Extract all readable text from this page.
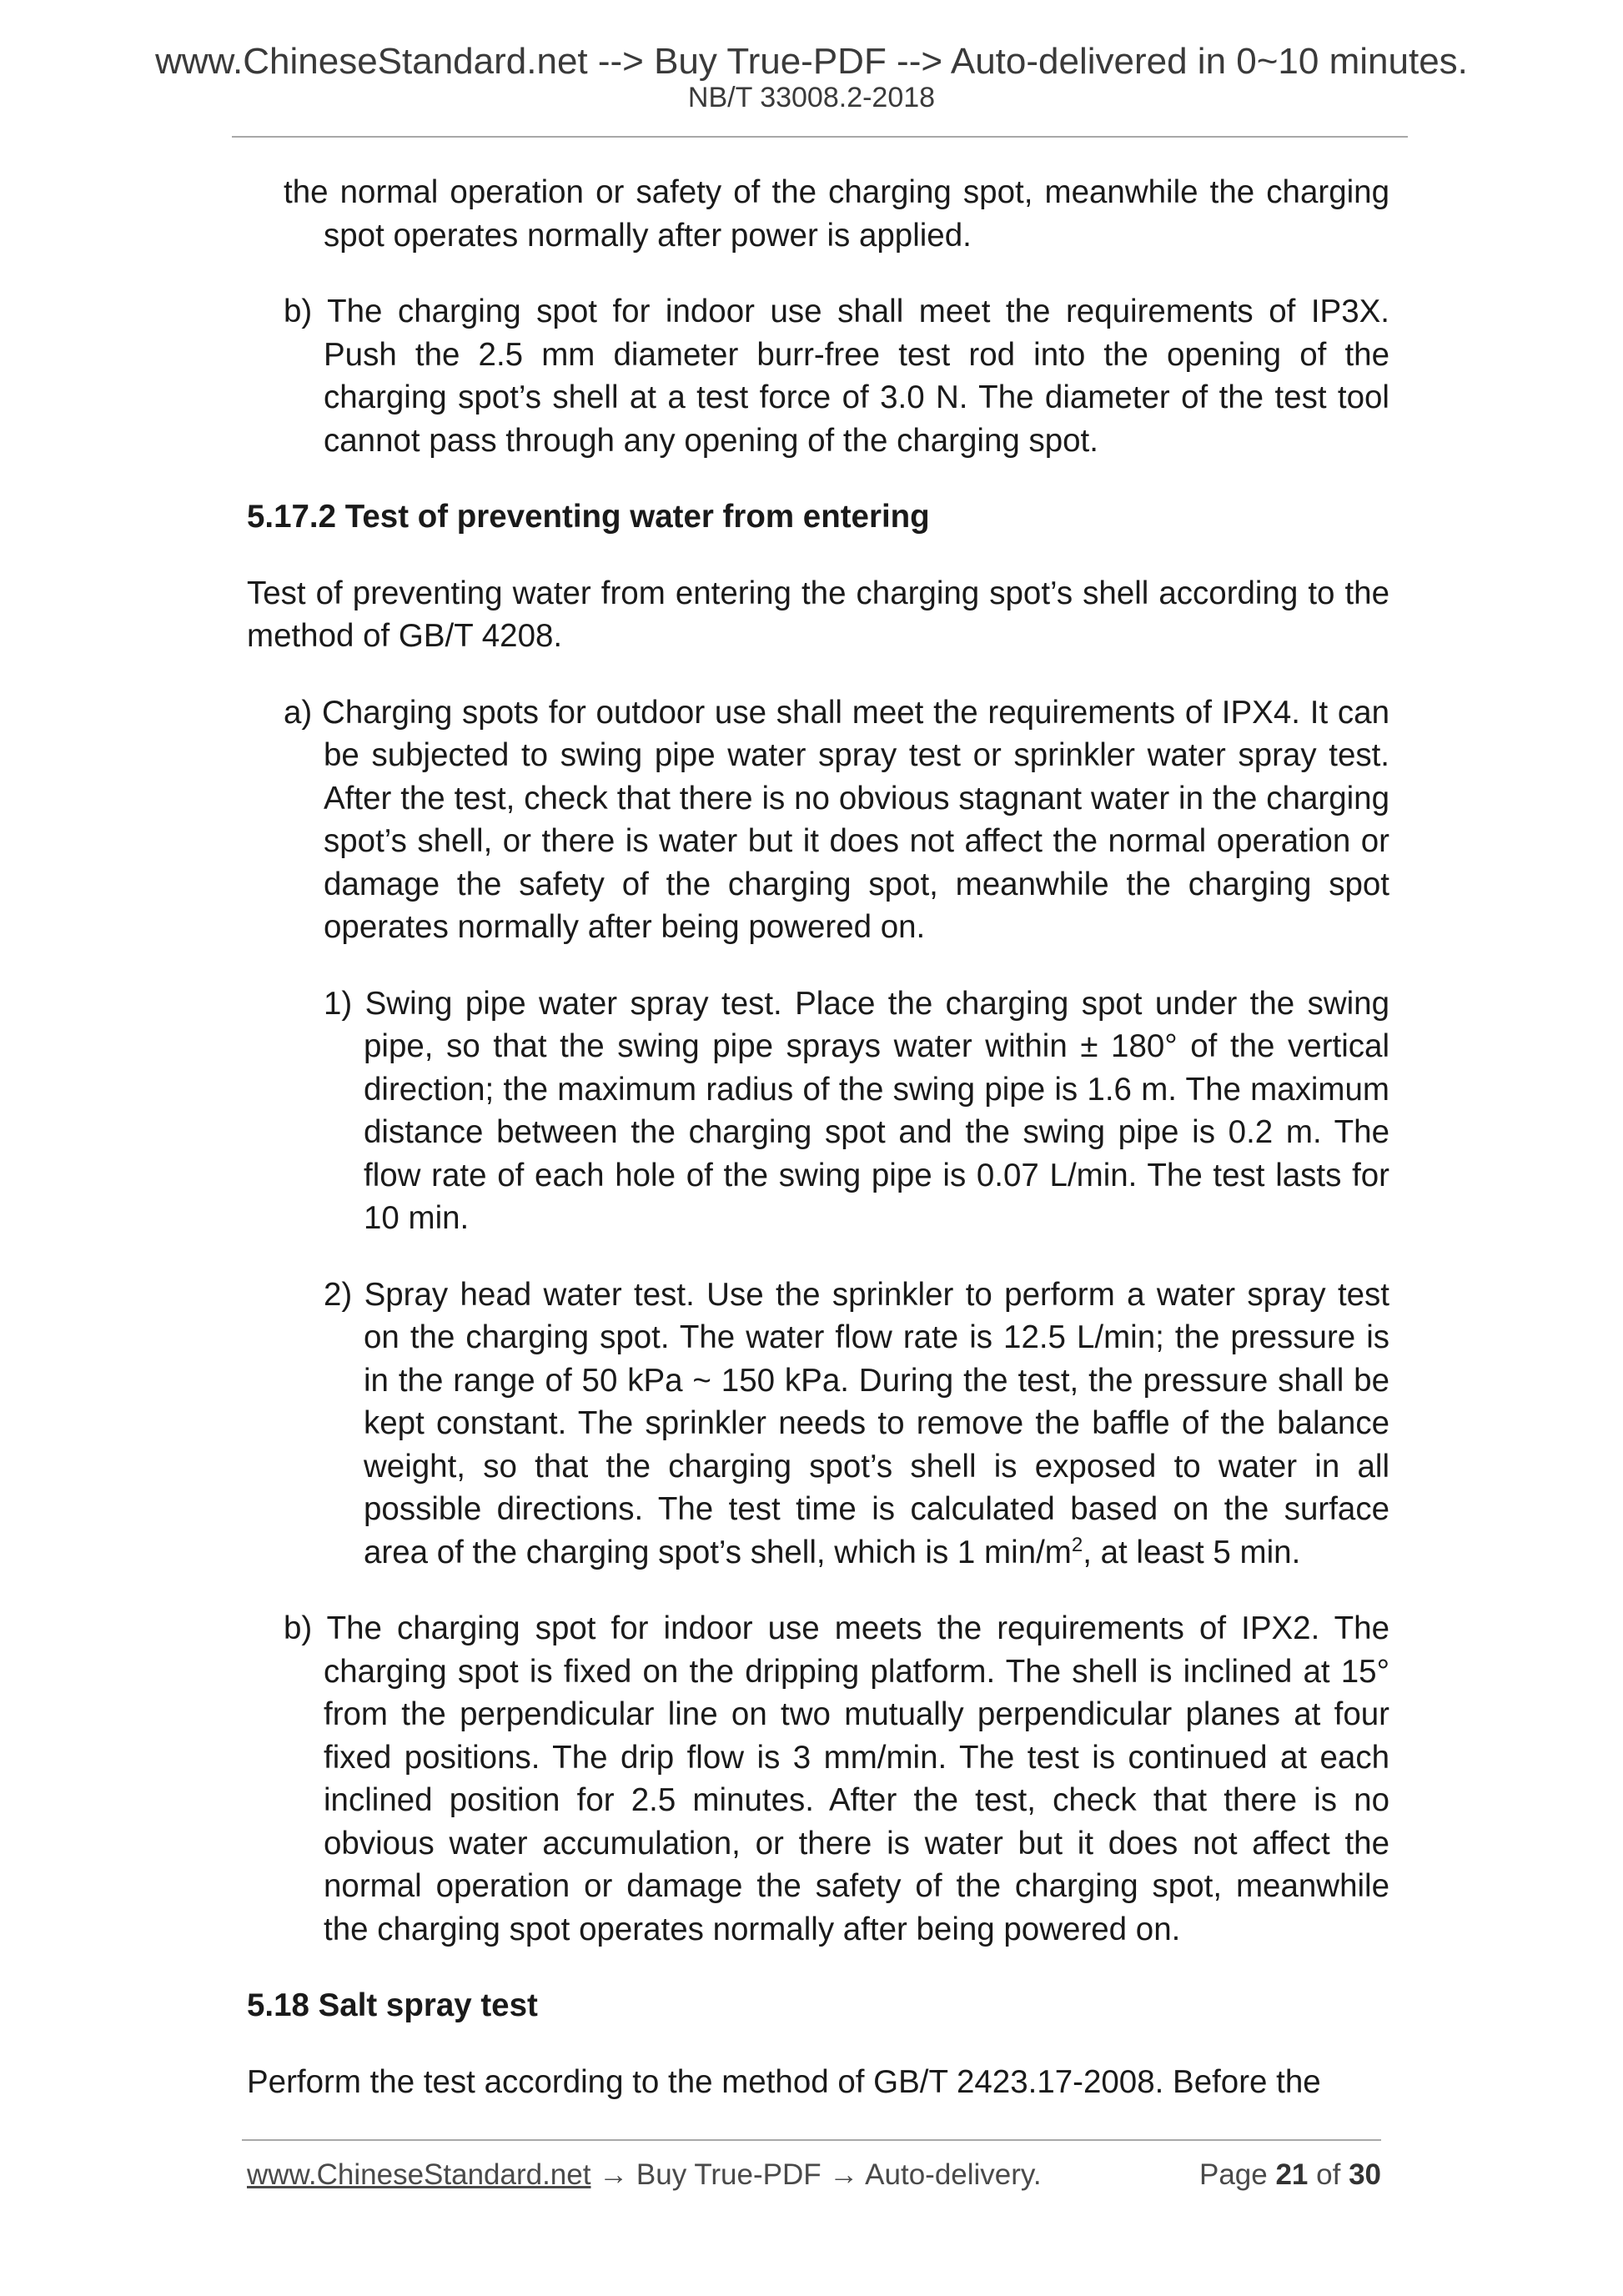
www.ChineseStandard.net --> Buy True-PDF --> Auto-delivered in 0~10 minutes.
NB/T 33008.2-2018

the normal operation or safety of the charging spot, meanwhile the charging spot operates normally after power is applied.

b) The charging spot for indoor use shall meet the requirements of IP3X. Push the 2.5 mm diameter burr-free test rod into the opening of the charging spot’s shell at a test force of 3.0 N. The diameter of the test tool cannot pass through any opening of the charging spot.

5.17.2 Test of preventing water from entering

Test of preventing water from entering the charging spot’s shell according to the method of GB/T 4208.

a) Charging spots for outdoor use shall meet the requirements of IPX4. It can be subjected to swing pipe water spray test or sprinkler water spray test. After the test, check that there is no obvious stagnant water in the charging spot’s shell, or there is water but it does not affect the normal operation or damage the safety of the charging spot, meanwhile the charging spot operates normally after being powered on.

1) Swing pipe water spray test. Place the charging spot under the swing pipe, so that the swing pipe sprays water within ± 180° of the vertical direction; the maximum radius of the swing pipe is 1.6 m. The maximum distance between the charging spot and the swing pipe is 0.2 m. The flow rate of each hole of the swing pipe is 0.07 L/min. The test lasts for 10 min.

2) Spray head water test. Use the sprinkler to perform a water spray test on the charging spot. The water flow rate is 12.5 L/min; the pressure is in the range of 50 kPa ~ 150 kPa. During the test, the pressure shall be kept constant. The sprinkler needs to remove the baffle of the balance weight, so that the charging spot’s shell is exposed to water in all possible directions. The test time is calculated based on the surface area of the charging spot’s shell, which is 1 $\min/m^2$, at least 5 min.

b) The charging spot for indoor use meets the requirements of IPX2. The charging spot is fixed on the dripping platform. The shell is inclined at 15° from the perpendicular line on two mutually perpendicular planes at four fixed positions. The drip flow is 3 mm/min. The test is continued at each inclined position for 2.5 minutes. After the test, check that there is no obvious water accumulation, or there is water but it does not affect the normal operation or damage the safety of the charging spot, meanwhile the charging spot operates normally after being powered on.

5.18 Salt spray test

Perform the test according to the method of GB/T 2423.17-2008. Before the

www.ChineseStandard.net → Buy True-PDF → Auto-delivery.	Page 21 of 30
